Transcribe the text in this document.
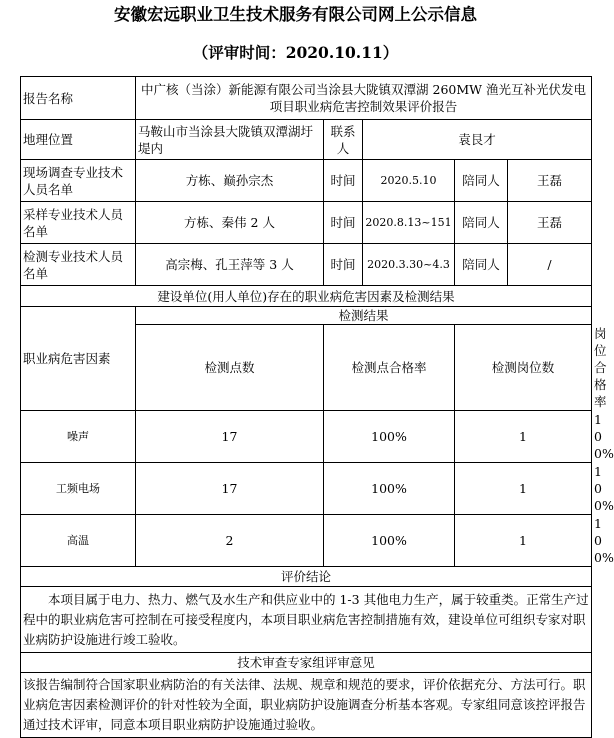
安徽宏远职业卫生技术服务有限公司网上公示信息
（评审时间：2020.10.11）
报告名称	中广核（当涂）新能源有限公司当涂县大陇镇双潭湖 260MW 渔光互补光伏发电项目职业病危害控制效果评价报告					
地理位置	马鞍山市当涂县大陇镇双潭湖圩堤内	联系人	袁艮才			
现场调查专业技术人员名单	方栋、巅孙宗杰	时间	2020.5.10	陪同人	王磊	
采样专业技术人员名单	方栋、秦伟 2 人	时间	2020.8.13~151	陪同人	王磊	
检测专业技术人员名单	高宗梅、孔王萍等 3 人	时间	2020.3.30~4.3	陪同人	/	
建设单位(用人单位)存在的职业病危害因素及检测结果						
职业病危害因素	检测结果					
	检测点数	检测点合格率		检测岗位数		岗位合格率
噪声	17	100%		1		100%
工频电场	17	100%		1		100%
高温	2	100%		1		100%
评价结论						
本项目属于电力、热力、燃气及水生产和供应业中的 1-3 其他电力生产，属于较重类。正常生产过程中的职业病危害可控制在可接受程度内，本项目职业病危害控制措施有效，建设单位可组织专家对职业病防护设施进行竣工验收。						
技术审查专家组评审意见						
该报告编制符合国家职业病防治的有关法律、法规、规章和规范的要求，评价依据充分、方法可行。职业病危害因素检测评价的针对性较为全面，职业病防护设施调查分析基本客观。专家组同意该控评报告通过技术评审，同意本项目职业病防护设施通过验收。						
